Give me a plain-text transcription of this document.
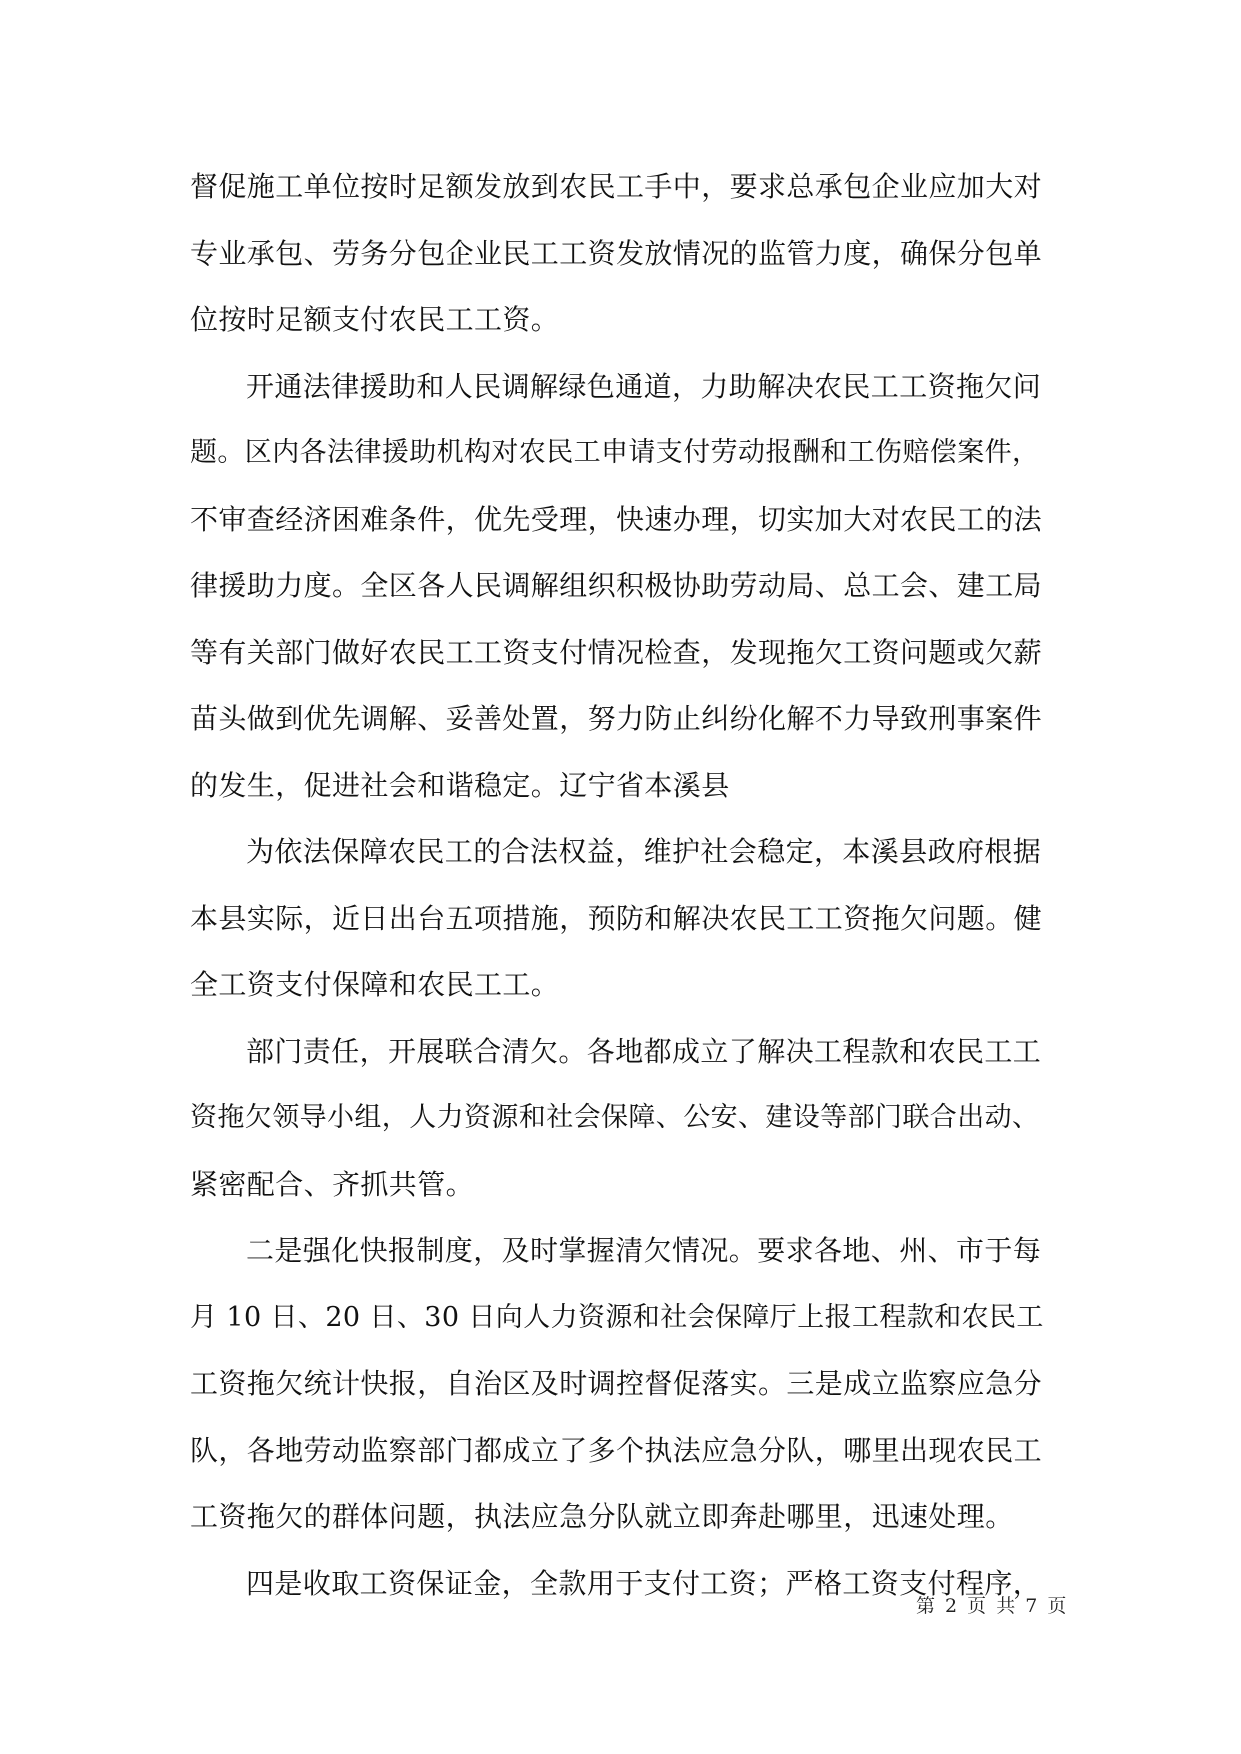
督促施工单位按时足额发放到农民工手中，要求总承包企业应加大对
专业承包、劳务分包企业民工工资发放情况的监管力度，确保分包单
位按时足额支付农民工工资。
开通法律援助和人民调解绿色通道，力助解决农民工工资拖欠问
题。区内各法律援助机构对农民工申请支付劳动报酬和工伤赔偿案件，
不审查经济困难条件，优先受理，快速办理，切实加大对农民工的法
律援助力度。全区各人民调解组织积极协助劳动局、总工会、建工局
等有关部门做好农民工工资支付情况检查，发现拖欠工资问题或欠薪
苗头做到优先调解、妥善处置，努力防止纠纷化解不力导致刑事案件
的发生，促进社会和谐稳定。辽宁省本溪县
为依法保障农民工的合法权益，维护社会稳定，本溪县政府根据
本县实际，近日出台五项措施，预防和解决农民工工资拖欠问题。健
全工资支付保障和农民工工。
部门责任，开展联合清欠。各地都成立了解决工程款和农民工工
资拖欠领导小组，人力资源和社会保障、公安、建设等部门联合出动、
紧密配合、齐抓共管。
二是强化快报制度，及时掌握清欠情况。要求各地、州、市于每
月 10 日、20 日、30 日向人力资源和社会保障厅上报工程款和农民工
工资拖欠统计快报，自治区及时调控督促落实。三是成立监察应急分
队，各地劳动监察部门都成立了多个执法应急分队，哪里出现农民工
工资拖欠的群体问题，执法应急分队就立即奔赴哪里，迅速处理。
四是收取工资保证金，全款用于支付工资；严格工资支付程序，
第 2 页 共 7 页
